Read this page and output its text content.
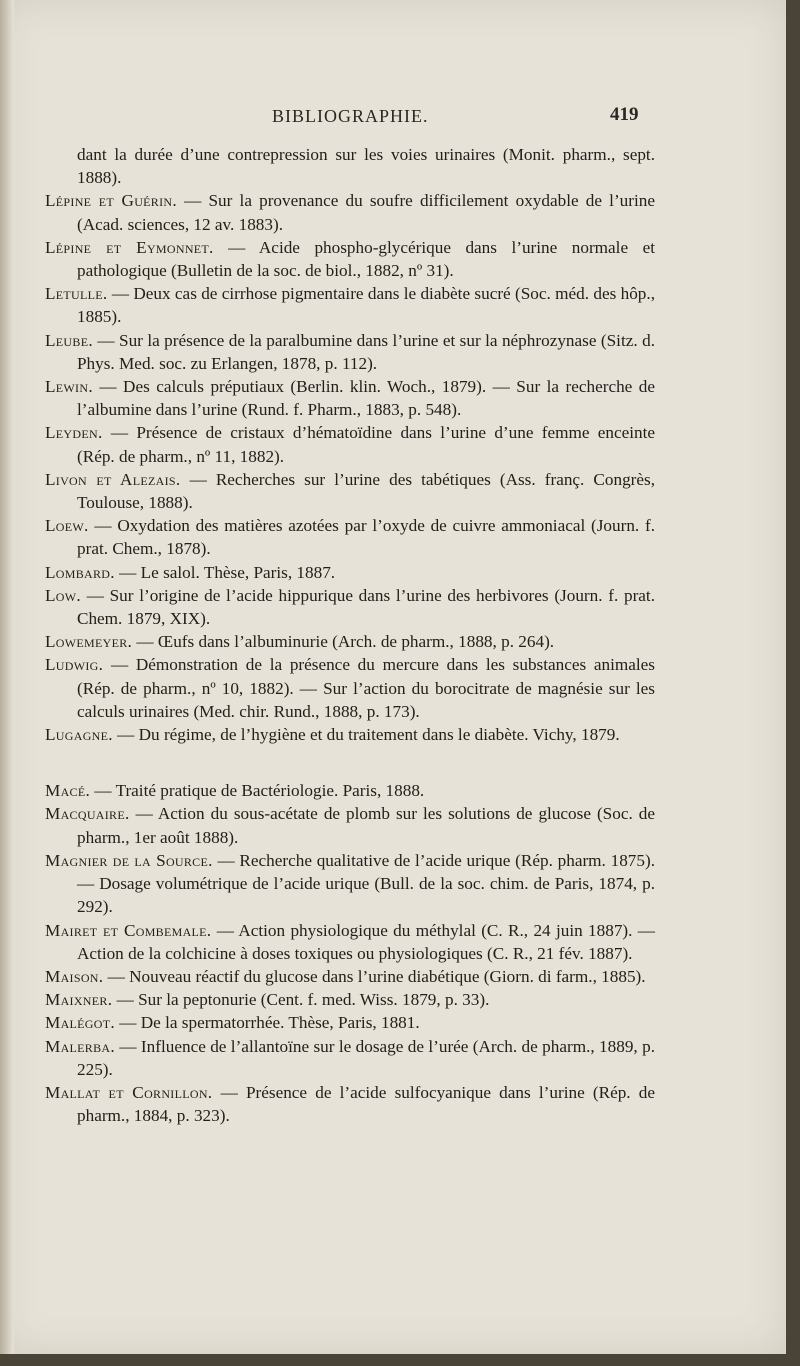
BIBLIOGRAPHIE.	419

dant la durée d’une contrepression sur les voies urinaires (Monit. pharm., sept. 1888).

Lépine et Guérin. — Sur la provenance du soufre difficilement oxydable de l’urine (Acad. sciences, 12 av. 1883).

Lépine et Eymonnet. — Acide phospho-glycérique dans l’urine normale et pathologique (Bulletin de la soc. de biol., 1882, nº 31).

Letulle. — Deux cas de cirrhose pigmentaire dans le diabète sucré (Soc. méd. des hôp., 1885).

Leube. — Sur la présence de la paralbumine dans l’urine et sur la néphrozynase (Sitz. d. Phys. Med. soc. zu Erlangen, 1878, p. 112).

Lewin. — Des calculs préputiaux (Berlin. klin. Woch., 1879). — Sur la recherche de l’albumine dans l’urine (Rund. f. Pharm., 1883, p. 548).

Leyden. — Présence de cristaux d’hématoïdine dans l’urine d’une femme enceinte (Rép. de pharm., nº 11, 1882).

Livon et Alezais. — Recherches sur l’urine des tabétiques (Ass. franç. Congrès, Toulouse, 1888).

Loew. — Oxydation des matières azotées par l’oxyde de cuivre ammoniacal (Journ. f. prat. Chem., 1878).

Lombard. — Le salol. Thèse, Paris, 1887.

Low. — Sur l’origine de l’acide hippurique dans l’urine des herbivores (Journ. f. prat. Chem. 1879, XIX).

Lowemeyer. — Œufs dans l’albuminurie (Arch. de pharm., 1888, p. 264).

Ludwig. — Démonstration de la présence du mercure dans les substances animales (Rép. de pharm., nº 10, 1882). — Sur l’action du borocitrate de magnésie sur les calculs urinaires (Med. chir. Rund., 1888, p. 173).

Lugagne. — Du régime, de l’hygiène et du traitement dans le diabète. Vichy, 1879.

Macé. — Traité pratique de Bactériologie. Paris, 1888.

Macquaire. — Action du sous-acétate de plomb sur les solutions de glucose (Soc. de pharm., 1er août 1888).

Magnier de la Source. — Recherche qualitative de l’acide urique (Rép. pharm. 1875). — Dosage volumétrique de l’acide urique (Bull. de la soc. chim. de Paris, 1874, p. 292).

Mairet et Combemale. — Action physiologique du méthylal (C. R., 24 juin 1887). — Action de la colchicine à doses toxiques ou physiologiques (C. R., 21 fév. 1887).

Maison. — Nouveau réactif du glucose dans l’urine diabétique (Giorn. di farm., 1885).

Maixner. — Sur la peptonurie (Cent. f. med. Wiss. 1879, p. 33).

Malégot. — De la spermatorrhée. Thèse, Paris, 1881.

Malerba. — Influence de l’allantoïne sur le dosage de l’urée (Arch. de pharm., 1889, p. 225).

Mallat et Cornillon. — Présence de l’acide sulfocyanique dans l’urine (Rép. de pharm., 1884, p. 323).
